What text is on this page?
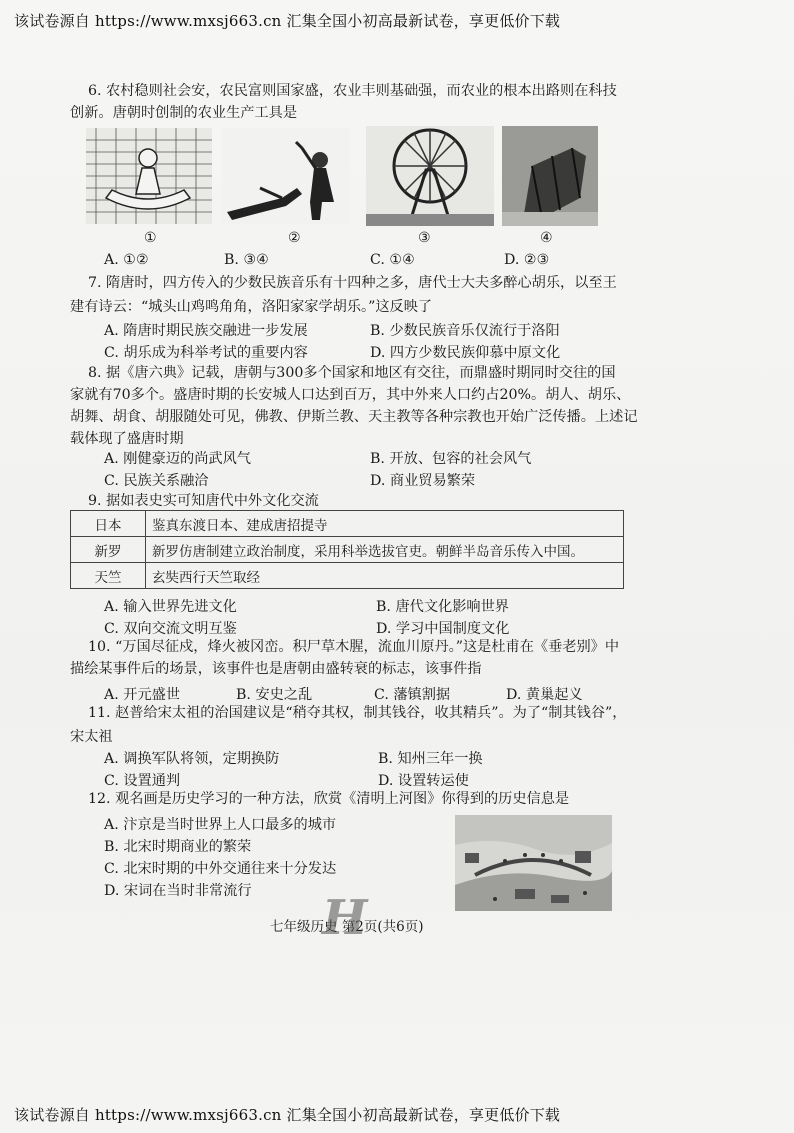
该试卷源自 https://www.mxsj663.cn 汇集全国小初高最新试卷，享更低价下载
6. 农村稳则社会安，农民富则国家盛，农业丰则基础强，而农业的根本出路则在科技
创新。唐朝时创制的农业生产工具是
①	②	③	④
A. ①②	B. ③④	C. ①④	D. ②③
7. 隋唐时，四方传入的少数民族音乐有十四种之多，唐代士大夫多醉心胡乐，以至王
建有诗云：“城头山鸡鸣角角，洛阳家家学胡乐。”这反映了
A. 隋唐时期民族交融进一步发展	B. 少数民族音乐仅流行于洛阳
C. 胡乐成为科举考试的重要内容	D. 四方少数民族仰慕中原文化
8. 据《唐六典》记载，唐朝与300多个国家和地区有交往，而鼎盛时期同时交往的国
家就有70多个。盛唐时期的长安城人口达到百万，其中外来人口约占20%。胡人、胡乐、
胡舞、胡食、胡服随处可见，佛教、伊斯兰教、天主教等各种宗教也开始广泛传播。上述记
载体现了盛唐时期
A. 刚健豪迈的尚武风气	B. 开放、包容的社会风气
C. 民族关系融洽	D. 商业贸易繁荣
9. 据如表史实可知唐代中外文化交流
日本	鉴真东渡日本、建成唐招提寺
新罗	新罗仿唐制建立政治制度，采用科举选拔官吏。朝鲜半岛音乐传入中国。
天竺	玄奘西行天竺取经
A. 输入世界先进文化	B. 唐代文化影响世界
C. 双向交流文明互鉴	D. 学习中国制度文化
10. “万国尽征戍，烽火被冈峦。积尸草木腥，流血川原丹。”这是杜甫在《垂老别》中
描绘某事件后的场景，该事件也是唐朝由盛转衰的标志，该事件指
A. 开元盛世	B. 安史之乱	C. 藩镇割据	D. 黄巢起义
11. 赵普给宋太祖的治国建议是“稍夺其权，制其钱谷，收其精兵”。为了“制其钱谷”，
宋太祖
A. 调换军队将领，定期换防	B. 知州三年一换
C. 设置通判	D. 设置转运使
12. 观名画是历史学习的一种方法，欣赏《清明上河图》你得到的历史信息是
A. 汴京是当时世界上人口最多的城市
B. 北宋时期商业的繁荣
C. 北宋时期的中外交通往来十分发达
D. 宋词在当时非常流行
七年级历史 第2页(共6页)
H
该试卷源自 https://www.mxsj663.cn 汇集全国小初高最新试卷，享更低价下载
